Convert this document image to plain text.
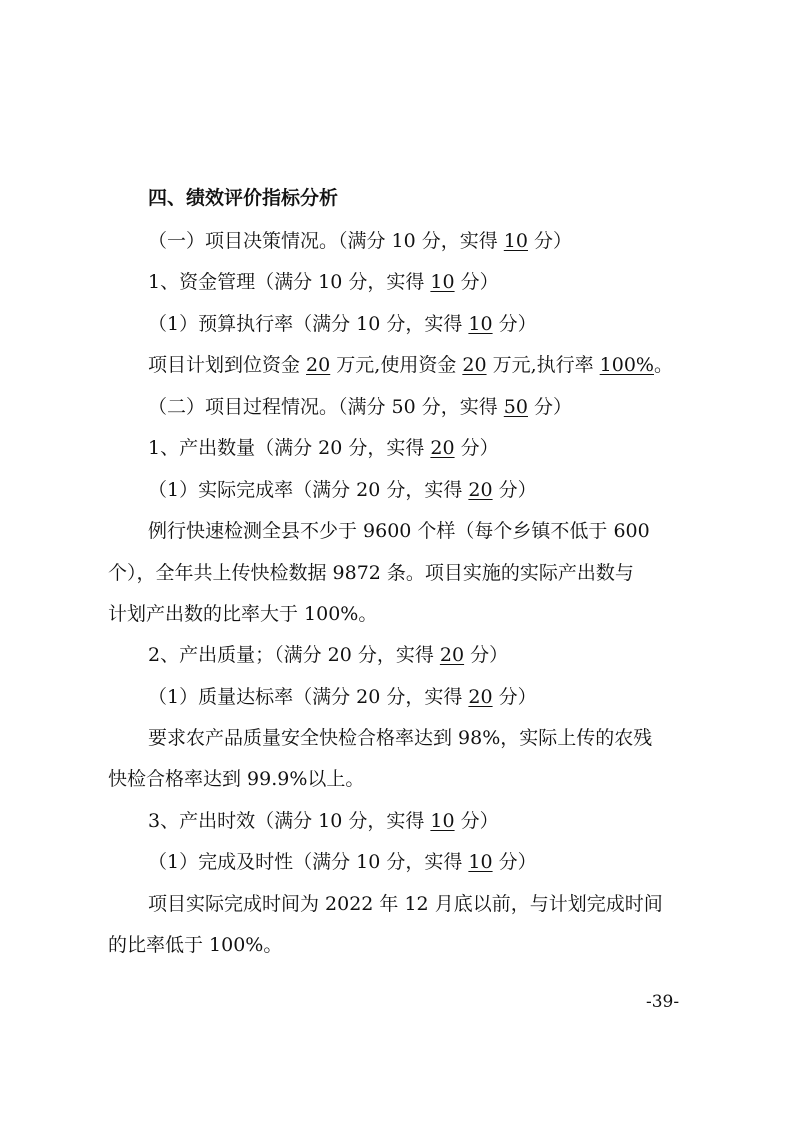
四、绩效评价指标分析
（一）项目决策情况。（满分 10 分，实得 10 分）
1、资金管理（满分 10 分，实得 10 分）
（1）预算执行率（满分 10 分，实得 10 分）
项目计划到位资金 20 万元,使用资金 20 万元,执行率 100%。
（二）项目过程情况。（满分 50 分，实得 50 分）
1、产出数量（满分 20 分，实得 20 分）
（1）实际完成率（满分 20 分，实得 20 分）
例行快速检测全县不少于 9600 个样（每个乡镇不低于 600
个），全年共上传快检数据 9872 条。项目实施的实际产出数与
计划产出数的比率大于 100%。
2、产出质量；（满分 20 分，实得 20 分）
（1）质量达标率（满分 20 分，实得 20 分）
要求农产品质量安全快检合格率达到 98%，实际上传的农残
快检合格率达到 99.9%以上。
3、产出时效（满分 10 分，实得 10 分）
（1）完成及时性（满分 10 分，实得 10 分）
项目实际完成时间为 2022 年 12 月底以前，与计划完成时间
的比率低于 100%。
-39-
